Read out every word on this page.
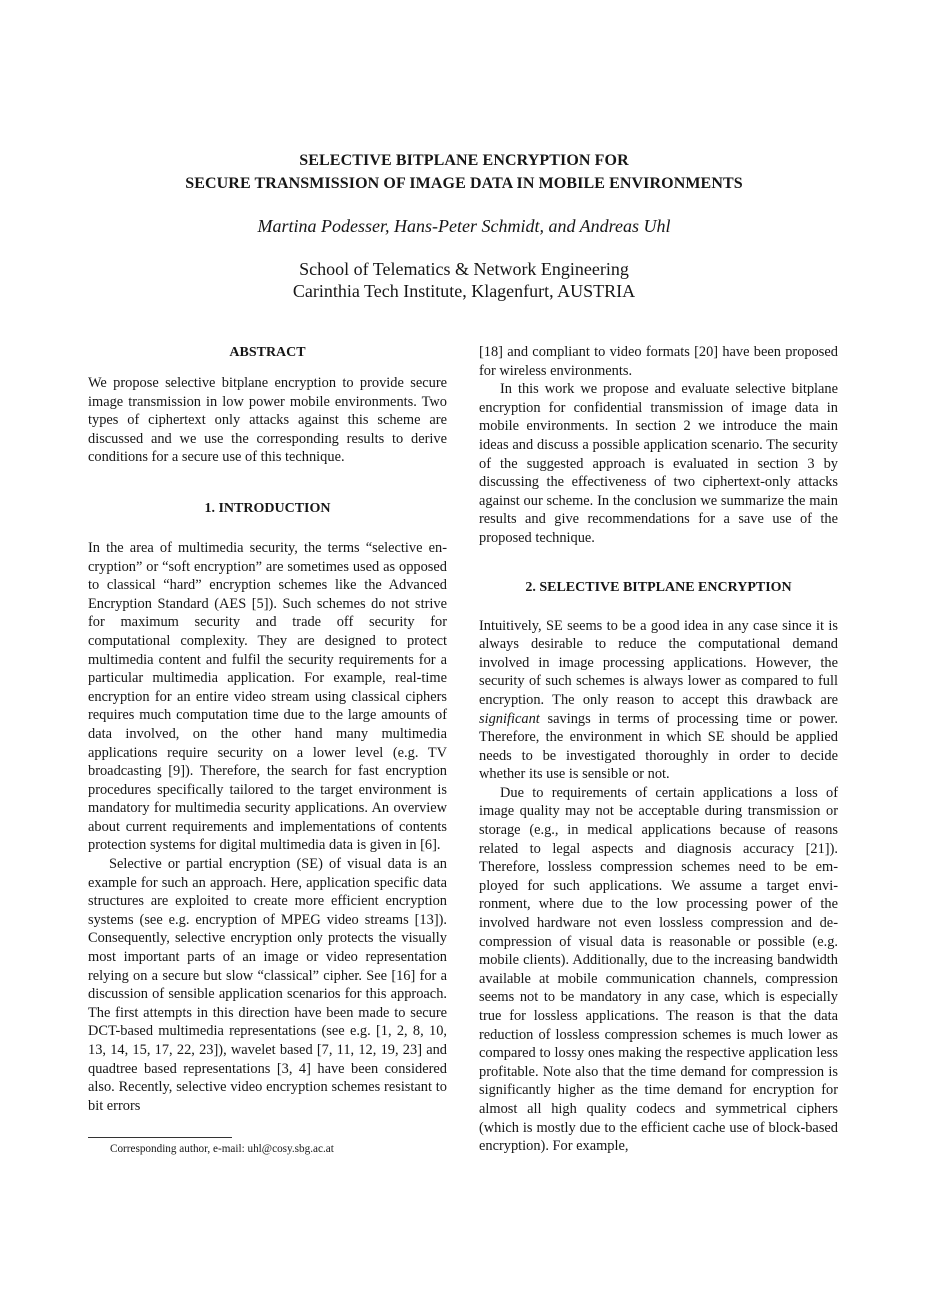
SELECTIVE BITPLANE ENCRYPTION FOR
SECURE TRANSMISSION OF IMAGE DATA IN MOBILE ENVIRONMENTS
Martina Podesser, Hans-Peter Schmidt, and Andreas Uhl
School of Telematics & Network Engineering
Carinthia Tech Institute, Klagenfurt, AUSTRIA
ABSTRACT

We propose selective bitplane encryption to provide secure image transmission in low power mobile environments. Two types of ciphertext only attacks against this scheme are discussed and we use the corresponding results to derive conditions for a secure use of this technique.

1. INTRODUCTION

In the area of multimedia security, the terms “selective encryption” or “soft encryption” are sometimes used as opposed to classical “hard” encryption schemes like the Advanced Encryption Standard (AES [5]). Such schemes do not strive for maximum security and trade off security for computational complexity. They are designed to protect multimedia content and fulfil the security requirements for a particular multimedia application. For example, real-time encryption for an entire video stream using classical ciphers requires much computation time due to the large amounts of data involved, on the other hand many multimedia applications require security on a lower level (e.g. TV broadcasting [9]). Therefore, the search for fast encryption procedures specifically tailored to the target environment is mandatory for multimedia security applications. An overview about current requirements and implementations of contents protection systems for digital multimedia data is given in [6].

Selective or partial encryption (SE) of visual data is an example for such an approach. Here, application specific data structures are exploited to create more efficient encryption systems (see e.g. encryption of MPEG video streams [13]). Consequently, selective encryption only protects the visually most important parts of an image or video representation relying on a secure but slow “classical” cipher. See [16] for a discussion of sensible application scenarios for this approach. The first attempts in this direction have been made to secure DCT-based multimedia representations (see e.g. [1, 2, 8, 10, 13, 14, 15, 17, 22, 23]), wavelet based [7, 11, 12, 19, 23] and quadtree based representations [3, 4] have been considered also. Recently, selective video encryption schemes resistant to bit errors

[18] and compliant to video formats [20] have been proposed for wireless environments.

In this work we propose and evaluate selective bitplane encryption for confidential transmission of image data in mobile environments. In section 2 we introduce the main ideas and discuss a possible application scenario. The security of the suggested approach is evaluated in section 3 by discussing the effectiveness of two ciphertext-only attacks against our scheme. In the conclusion we summarize the main results and give recommendations for a save use of the proposed technique.

2. SELECTIVE BITPLANE ENCRYPTION

Intuitively, SE seems to be a good idea in any case since it is always desirable to reduce the computational demand involved in image processing applications. However, the security of such schemes is always lower as compared to full encryption. The only reason to accept this drawback are significant savings in terms of processing time or power. Therefore, the environment in which SE should be applied needs to be investigated thoroughly in order to decide whether its use is sensible or not.

Due to requirements of certain applications a loss of image quality may not be acceptable during transmission or storage (e.g., in medical applications because of reasons related to legal aspects and diagnosis accuracy [21]). Therefore, lossless compression schemes need to be employed for such applications. We assume a target environment, where due to the low processing power of the involved hardware not even lossless compression and decompression of visual data is reasonable or possible (e.g. mobile clients). Additionally, due to the increasing bandwidth available at mobile communication channels, compression seems not to be mandatory in any case, which is especially true for lossless applications. The reason is that the data reduction of lossless compression schemes is much lower as compared to lossy ones making the respective application less profitable. Note also that the time demand for compression is significantly higher as the time demand for encryption for almost all high quality codecs and symmetrical ciphers (which is mostly due to the efficient cache use of block-based encryption). For example,

Corresponding author, e-mail: uhl@cosy.sbg.ac.at
